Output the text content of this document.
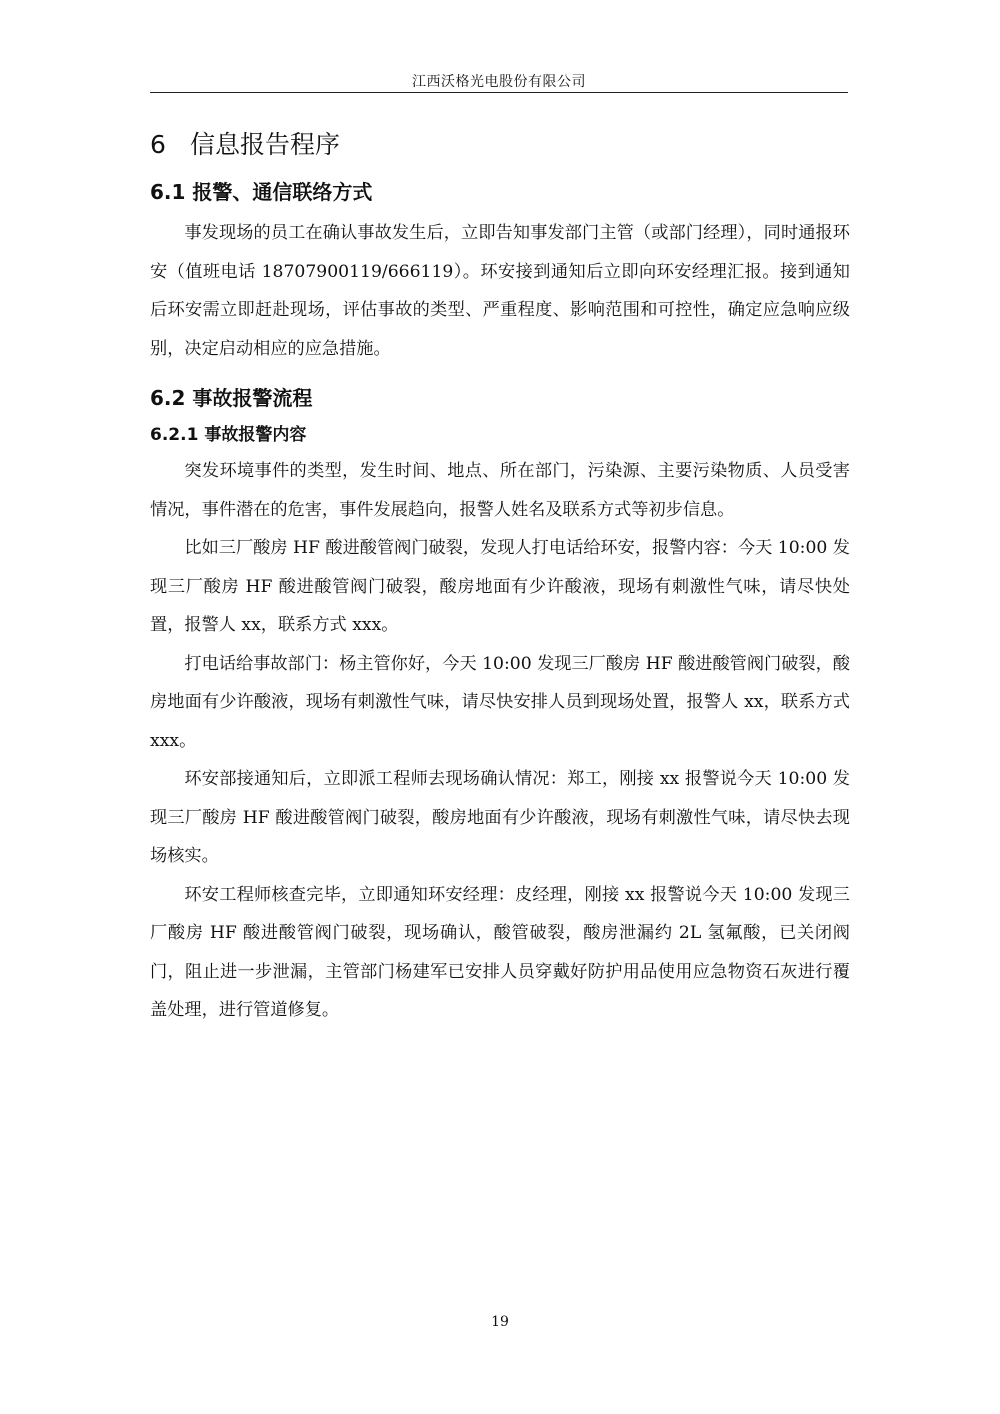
江西沃格光电股份有限公司
6 信息报告程序
6.1 报警、通信联络方式

事发现场的员工在确认事故发生后，立即告知事发部门主管（或部门经理），同时通报环安（值班电话 18707900119/666119）。环安接到通知后立即向环安经理汇报。接到通知后环安需立即赶赴现场，评估事故的类型、严重程度、影响范围和可控性，确定应急响应级别，决定启动相应的应急措施。

6.2 事故报警流程
6.2.1 事故报警内容

突发环境事件的类型，发生时间、地点、所在部门，污染源、主要污染物质、人员受害情况，事件潜在的危害，事件发展趋向，报警人姓名及联系方式等初步信息。

比如三厂酸房 HF 酸进酸管阀门破裂，发现人打电话给环安，报警内容：今天 10:00 发现三厂酸房 HF 酸进酸管阀门破裂，酸房地面有少许酸液，现场有刺激性气味，请尽快处置，报警人 xx，联系方式 xxx。

打电话给事故部门：杨主管你好，今天 10:00 发现三厂酸房 HF 酸进酸管阀门破裂，酸房地面有少许酸液，现场有刺激性气味，请尽快安排人员到现场处置，报警人 xx，联系方式 xxx。

环安部接通知后，立即派工程师去现场确认情况：郑工，刚接 xx 报警说今天 10:00 发现三厂酸房 HF 酸进酸管阀门破裂，酸房地面有少许酸液，现场有刺激性气味，请尽快去现场核实。

环安工程师核查完毕，立即通知环安经理：皮经理，刚接 xx 报警说今天 10:00 发现三厂酸房 HF 酸进酸管阀门破裂，现场确认，酸管破裂，酸房泄漏约 2L 氢氟酸，已关闭阀门，阻止进一步泄漏，主管部门杨建军已安排人员穿戴好防护用品使用应急物资石灰进行覆盖处理，进行管道修复。

19
